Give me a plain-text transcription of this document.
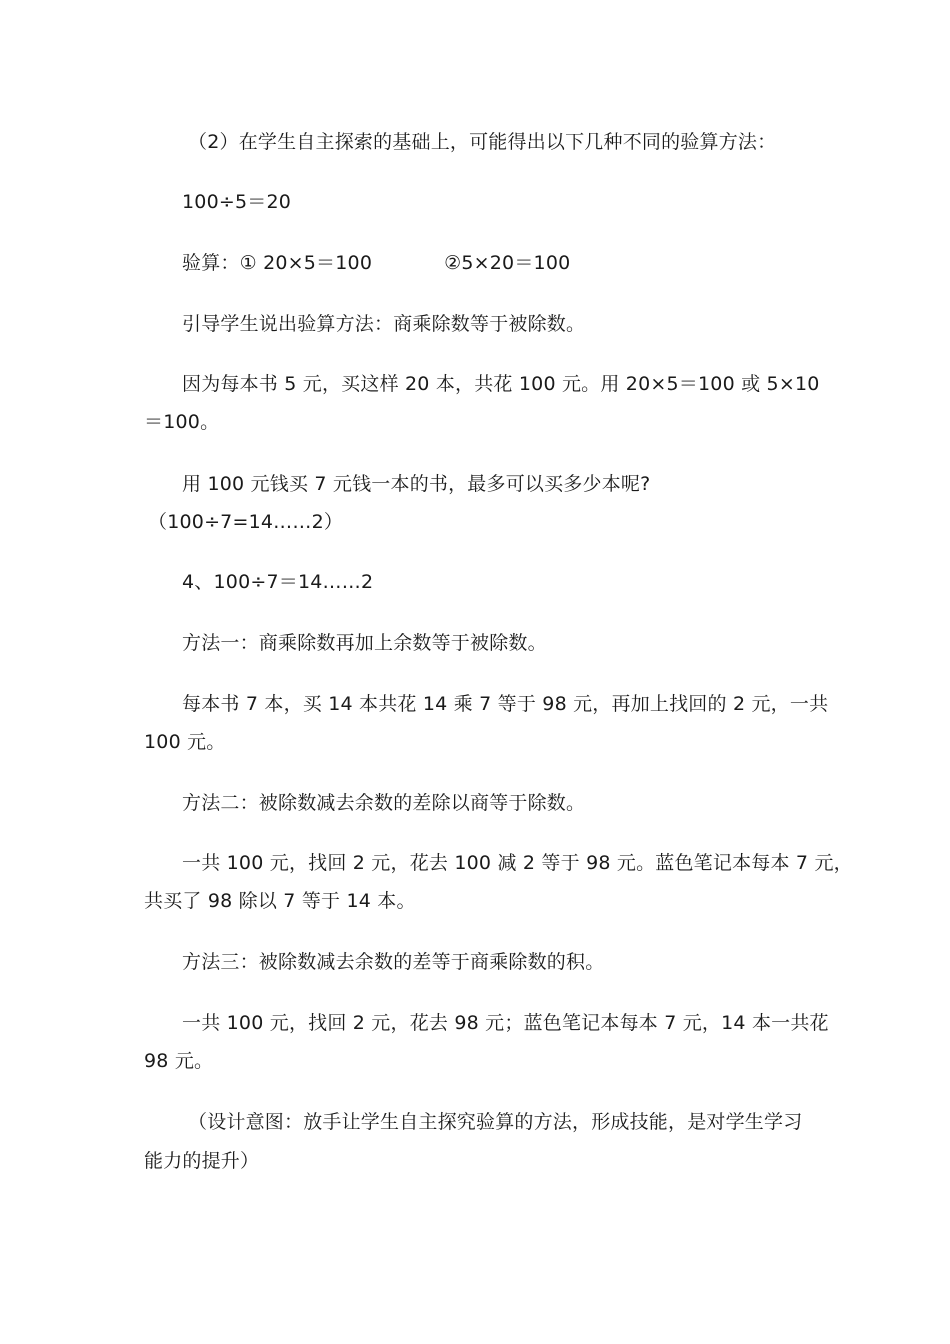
（2）在学生自主探索的基础上，可能得出以下几种不同的验算方法：
100÷5＝20
验算：① 20×5＝100	②5×20＝100
引导学生说出验算方法：商乘除数等于被除数。
因为每本书 5 元，买这样 20 本，共花 100 元。用 20×5＝100 或 5×10
＝100。
用 100 元钱买 7 元钱一本的书，最多可以买多少本呢?
（100÷7=14……2）
4、100÷7＝14……2
方法一：商乘除数再加上余数等于被除数。
每本书 7 本，买 14 本共花 14 乘 7 等于 98 元，再加上找回的 2 元，一共
100 元。
方法二：被除数减去余数的差除以商等于除数。
一共 100 元，找回 2 元，花去 100 减 2 等于 98 元。蓝色笔记本每本 7 元，
共买了 98 除以 7 等于 14 本。
方法三：被除数减去余数的差等于商乘除数的积。
一共 100 元，找回 2 元，花去 98 元；蓝色笔记本每本 7 元，14 本一共花
98 元。
（设计意图：放手让学生自主探究验算的方法，形成技能，是对学生学习
能力的提升）
